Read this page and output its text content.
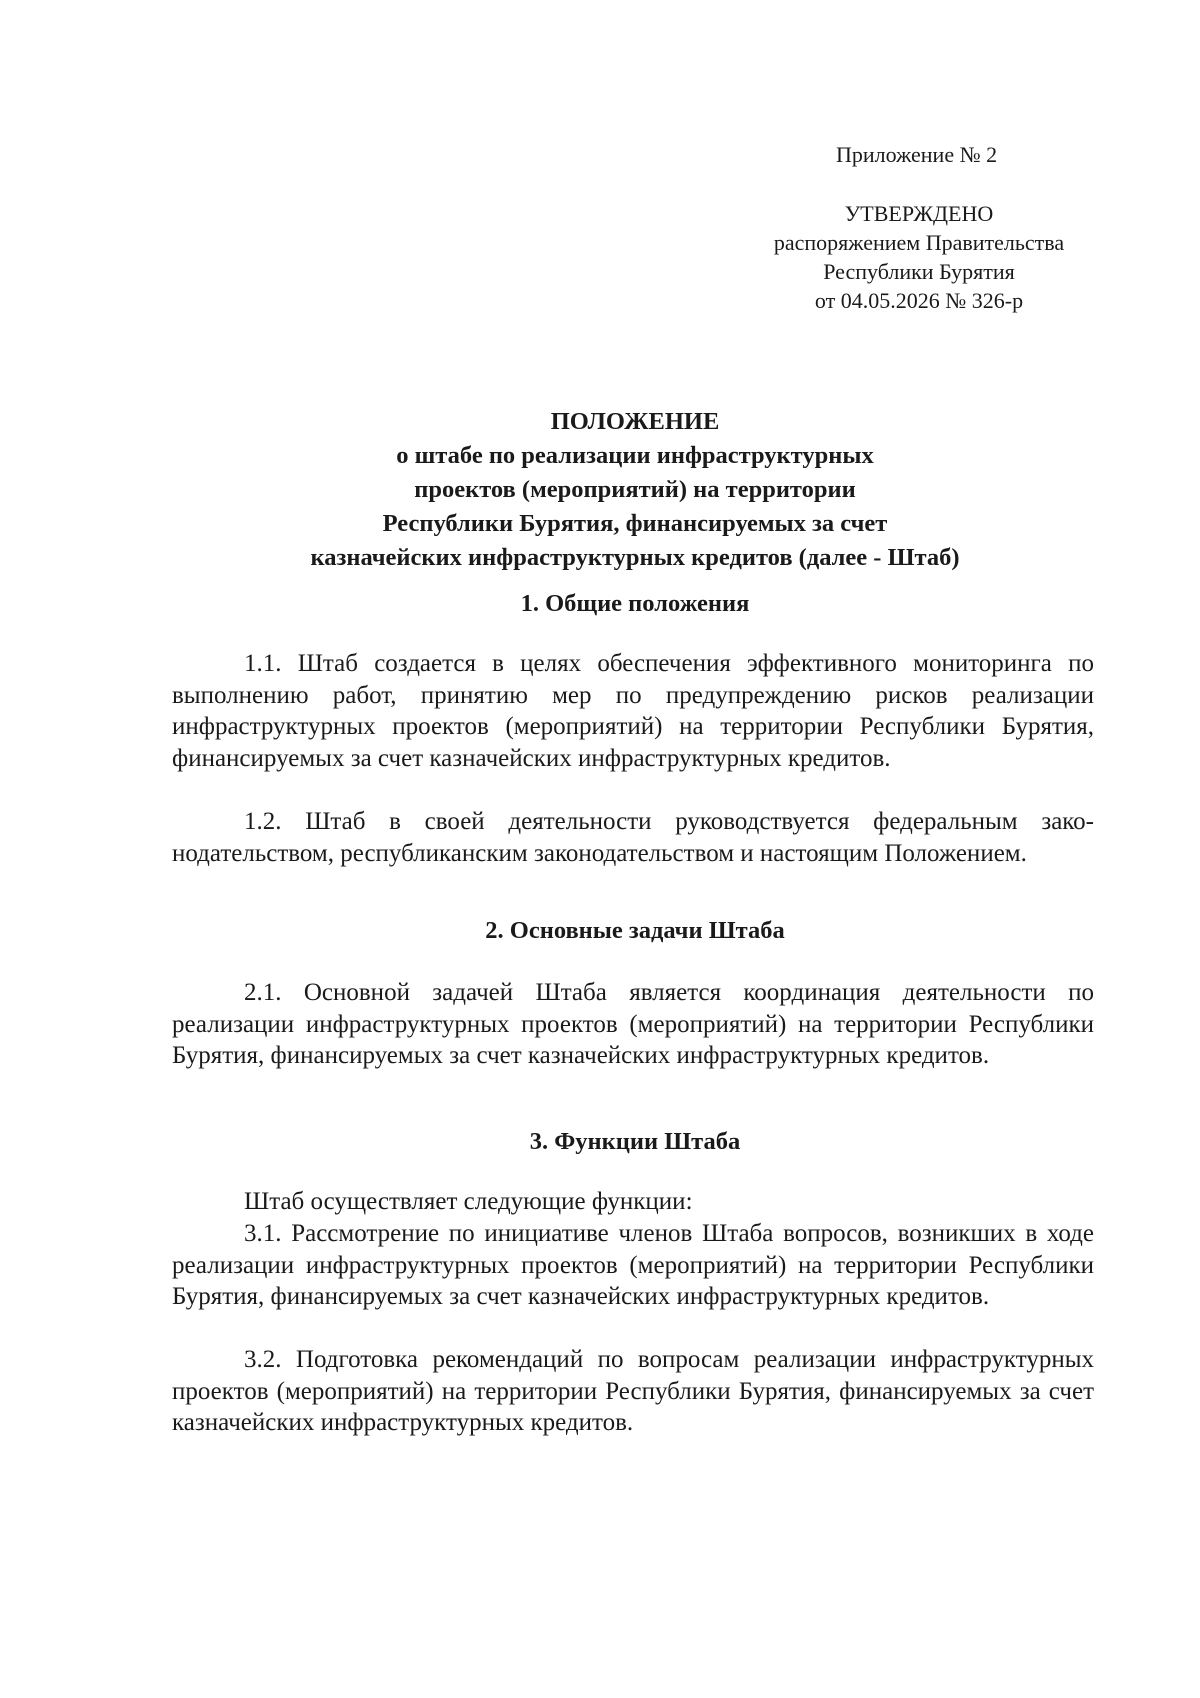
Приложение № 2
УТВЕРЖДЕНО
распоряжением Правительства
Республики Бурятия
от 04.05.2026 № 326-р
ПОЛОЖЕНИЕ
о штабе по реализации инфраструктурных
проектов (мероприятий) на территории
Республики Бурятия, финансируемых за счет
казначейских инфраструктурных кредитов (далее - Штаб)
1. Общие положения

1.1. Штаб создается в целях обеспечения эффективного мониторинга по выполнению работ, принятию мер по предупреждению рисков реализации инфраструктурных проектов (мероприятий) на территории Республики Бурятия, финансируемых за счет казначейских инфраструктурных кредитов.

1.2. Штаб в своей деятельности руководствуется федеральным законодательством, республиканским законодательством и настоящим Положением.

2. Основные задачи Штаба

2.1. Основной задачей Штаба является координация деятельности по реализации инфраструктурных проектов (мероприятий) на территории Республики Бурятия, финансируемых за счет казначейских инфраструктурных кредитов.

3. Функции Штаба

Штаб осуществляет следующие функции:

3.1. Рассмотрение по инициативе членов Штаба вопросов, возникших в ходе реализации инфраструктурных проектов (мероприятий) на территории Республики Бурятия, финансируемых за счет казначейских инфраструктурных кредитов.

3.2. Подготовка рекомендаций по вопросам реализации инфраструктурных проектов (мероприятий) на территории Республики Бурятия, финансируемых за счет казначейских инфраструктурных кредитов.
